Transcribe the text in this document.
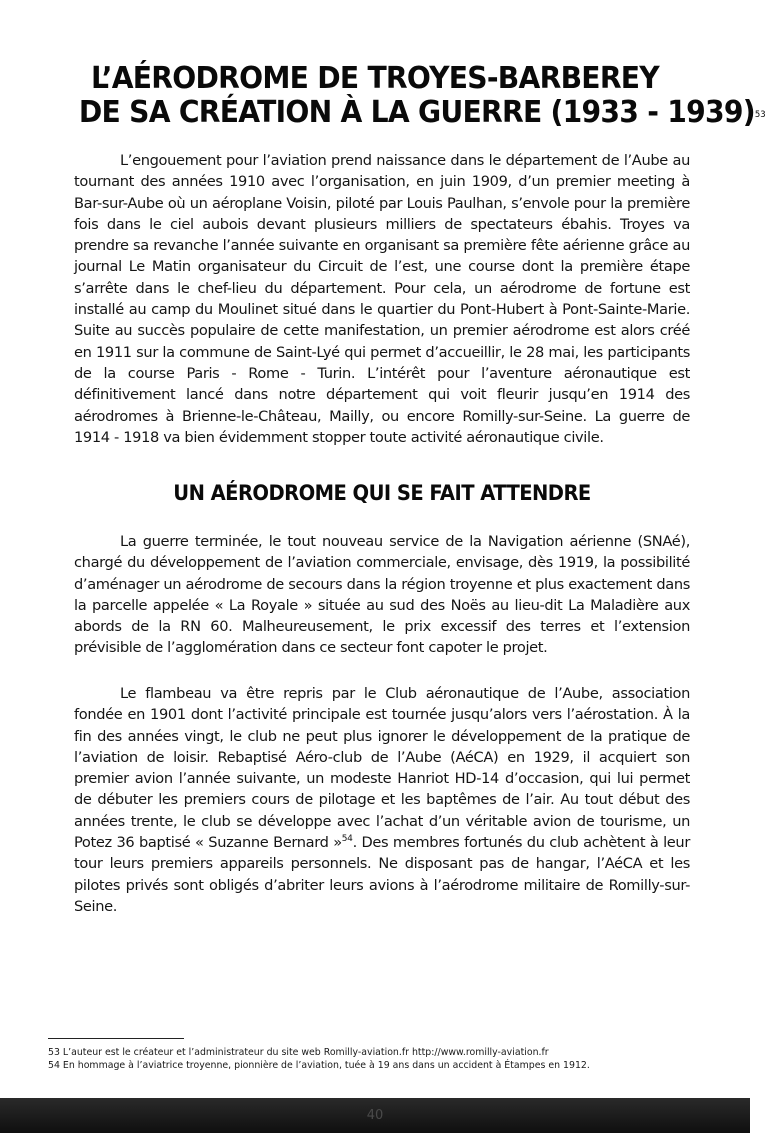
L’AÉRODROME DE TROYES-BARBEREY
DE SA CRÉATION À LA GUERRE (1933 - 1939)$^{53}$

L’engouement pour l’aviation prend naissance dans le département de l’Aube au tournant des années 1910 avec l’organisation, en juin 1909, d’un premier meeting à Bar-sur-Aube où un aéroplane Voisin, piloté par Louis Paulhan, s’envole pour la première fois dans le ciel aubois devant plusieurs milliers de spectateurs ébahis. Troyes va prendre sa revanche l’année suivante en organisant sa première fête aérienne grâce au journal Le Matin organisateur du Circuit de l’est, une course dont la première étape s’arrête dans le chef-lieu du département. Pour cela, un aérodrome de fortune est installé au camp du Moulinet situé dans le quartier du Pont-Hubert à Pont-Sainte-Marie. Suite au succès populaire de cette manifestation, un premier aérodrome est alors créé en 1911 sur la commune de Saint-Lyé qui permet d’accueillir, le 28 mai, les participants de la course Paris - Rome - Turin. L’intérêt pour l’aventure aéronautique est définitivement lancé dans notre département qui voit fleurir jusqu’en 1914 des aérodromes à Brienne-le-Château, Mailly, ou encore Romilly-sur-Seine. La guerre de 1914 - 1918 va bien évidemment stopper toute activité aéronautique civile.

UN AÉRODROME QUI SE FAIT ATTENDRE

La guerre terminée, le tout nouveau service de la Navigation aérienne (SNAé), chargé du développement de l’aviation commerciale, envisage, dès 1919, la possibilité d’aménager un aérodrome de secours dans la région troyenne et plus exactement dans la parcelle appelée « La Royale » située au sud des Noës au lieu-dit La Maladière aux abords de la RN 60. Malheureusement, le prix excessif des terres et l’extension prévisible de l’agglomération dans ce secteur font capoter le projet.

Le flambeau va être repris par le Club aéronautique de l’Aube, association fondée en 1901 dont l’activité principale est tournée jusqu’alors vers l’aérostation. À la fin des années vingt, le club ne peut plus ignorer le développement de la pratique de l’aviation de loisir. Rebaptisé Aéro-club de l’Aube (AéCA) en 1929, il acquiert son premier avion l’année suivante, un modeste Hanriot HD-14 d’occasion, qui lui permet de débuter les premiers cours de pilotage et les baptêmes de l’air. Au tout début des années trente, le club se développe avec l’achat d’un véritable avion de tourisme, un Potez 36 baptisé « Suzanne Bernard »$^{54}$. Des membres fortunés du club achètent à leur tour leurs premiers appareils personnels. Ne disposant pas de hangar, l’AéCA et les pilotes privés sont obligés d’abriter leurs avions à l’aérodrome militaire de Romilly-sur-Seine.

53 L’auteur est le créateur et l’administrateur du site web Romilly-aviation.fr http://www.romilly-aviation.fr
54 En hommage à l’aviatrice troyenne, pionnière de l’aviation, tuée à 19 ans dans un accident à Étampes en 1912.
40
